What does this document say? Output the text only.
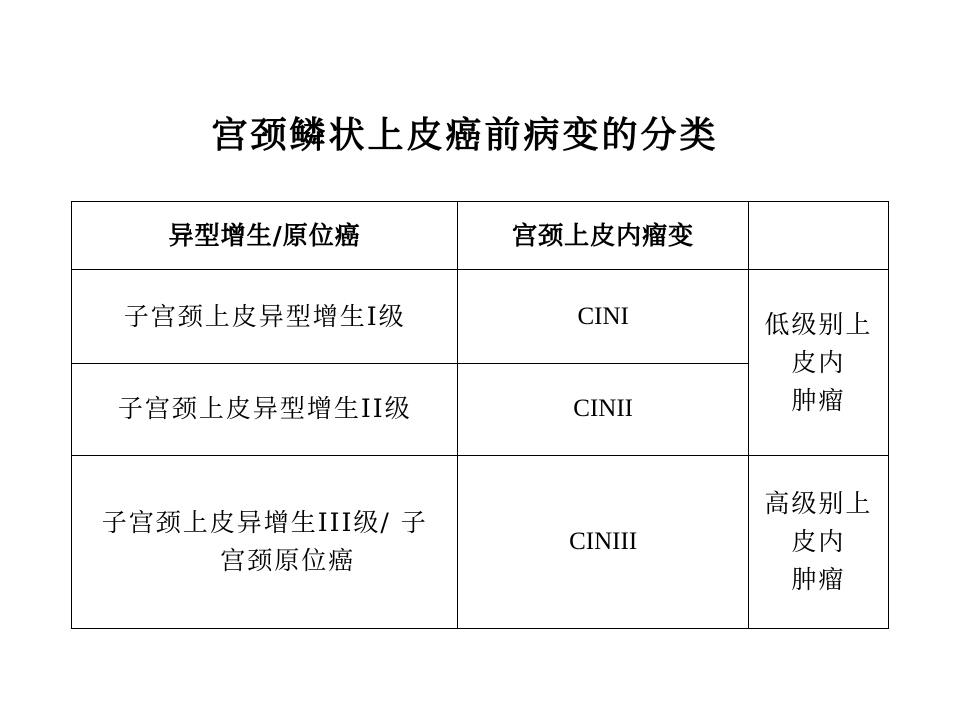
宫颈鳞状上皮癌前病变的分类
异型增生/原位癌	宫颈上皮内瘤变	
子宫颈上皮异型增生I级	CINI	低级别上
皮内
肿瘤

子宫颈上皮异型增生II级	CINII	
子宫颈上皮异增生III级/ 子
宫颈原位癌	CINIII	高级别上
皮内
肿瘤
